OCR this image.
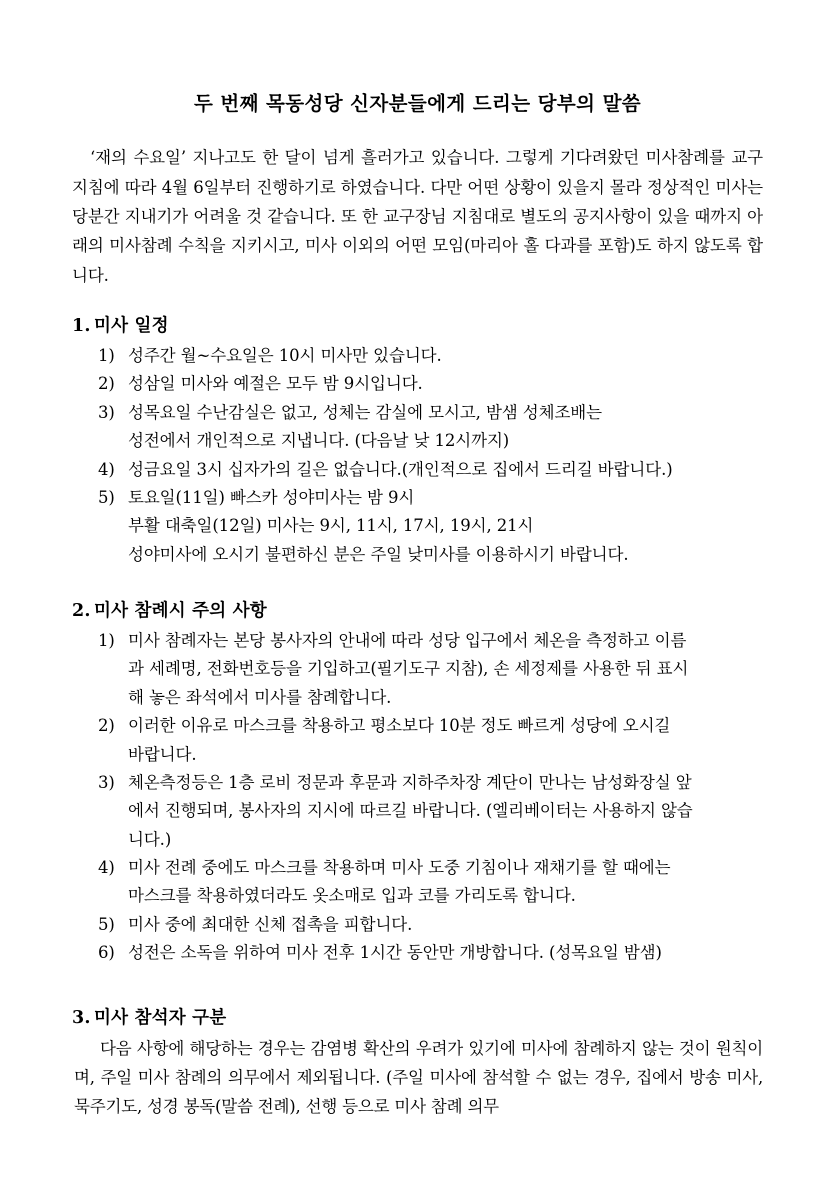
두 번째 목동성당 신자분들에게 드리는 당부의 말씀

‘재의 수요일’ 지나고도 한 달이 넘게 흘러가고 있습니다. 그렇게 기다려왔던 미사참례를 교구지침에 따라 4월 6일부터 진행하기로 하였습니다. 다만 어떤 상황이 있을지 몰라 정상적인 미사는 당분간 지내기가 어려울 것 같습니다. 또 한 교구장님 지침대로 별도의 공지사항이 있을 때까지 아래의 미사참례 수칙을 지키시고, 미사 이외의 어떤 모임(마리아 홀 다과를 포함)도 하지 않도록 합니다.

1. 미사 일정
1) 성주간 월~수요일은 10시 미사만 있습니다.
2) 성삼일 미사와 예절은 모두 밤 9시입니다.
3) 성목요일 수난감실은 없고, 성체는 감실에 모시고, 밤샘 성체조배는
성전에서 개인적으로 지냅니다. (다음날 낮 12시까지)
4) 성금요일 3시 십자가의 길은 없습니다.(개인적으로 집에서 드리길 바랍니다.)
5) 토요일(11일) 빠스카 성야미사는 밤 9시
부활 대축일(12일) 미사는 9시, 11시, 17시, 19시, 21시
성야미사에 오시기 불편하신 분은 주일 낮미사를 이용하시기 바랍니다.
2. 미사 참례시 주의 사항
1) 미사 참례자는 본당 봉사자의 안내에 따라 성당 입구에서 체온을 측정하고 이름
과 세례명, 전화번호등을 기입하고(필기도구 지참), 손 세정제를 사용한 뒤 표시
해 놓은 좌석에서 미사를 참례합니다.
2) 이러한 이유로 마스크를 착용하고 평소보다 10분 정도 빠르게 성당에 오시길
바랍니다.
3) 체온측정등은 1층 로비 정문과 후문과 지하주차장 계단이 만나는 남성화장실 앞
에서 진행되며, 봉사자의 지시에 따르길 바랍니다. (엘리베이터는 사용하지 않습
니다.)
4) 미사 전례 중에도 마스크를 착용하며 미사 도중 기침이나 재채기를 할 때에는
마스크를 착용하였더라도 옷소매로 입과 코를 가리도록 합니다.
5) 미사 중에 최대한 신체 접촉을 피합니다.
6) 성전은 소독을 위하여 미사 전후 1시간 동안만 개방합니다. (성목요일 밤샘)
3. 미사 참석자 구분

다음 사항에 해당하는 경우는 감염병 확산의 우려가 있기에 미사에 참례하지 않는 것이 원칙이며, 주일 미사 참례의 의무에서 제외됩니다. (주일 미사에 참석할 수 없는 경우, 집에서 방송 미사, 묵주기도, 성경 봉독(말씀 전례), 선행 등으로 미사 참례 의무
